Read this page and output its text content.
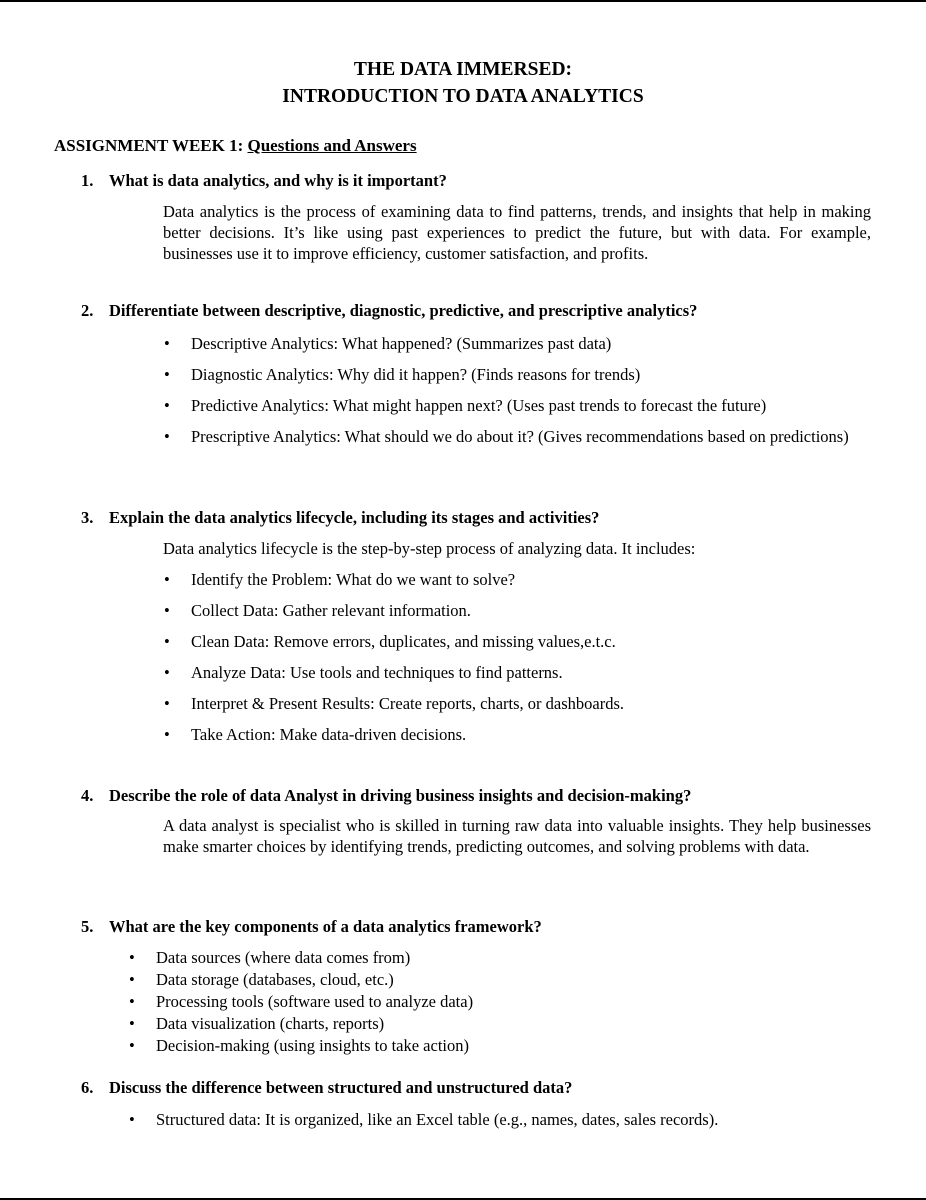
THE DATA IMMERSED:
INTRODUCTION TO DATA ANALYTICS
ASSIGNMENT WEEK 1: Questions and Answers
1. What is data analytics, and why is it important?
Data analytics is the process of examining data to find patterns, trends, and insights that help in making better decisions. It’s like using past experiences to predict the future, but with data. For example, businesses use it to improve efficiency, customer satisfaction, and profits.
2. Differentiate between descriptive, diagnostic, predictive, and prescriptive analytics?
• Descriptive Analytics: What happened? (Summarizes past data)
• Diagnostic Analytics: Why did it happen? (Finds reasons for trends)
• Predictive Analytics: What might happen next? (Uses past trends to forecast the future)
• Prescriptive Analytics: What should we do about it? (Gives recommendations based on predictions)
3. Explain the data analytics lifecycle, including its stages and activities?
Data analytics lifecycle is the step-by-step process of analyzing data. It includes:
• Identify the Problem: What do we want to solve?
• Collect Data: Gather relevant information.
• Clean Data: Remove errors, duplicates, and missing values,e.t.c.
• Analyze Data: Use tools and techniques to find patterns.
• Interpret & Present Results: Create reports, charts, or dashboards.
• Take Action: Make data-driven decisions.
4. Describe the role of data Analyst in driving business insights and decision-making?
A data analyst is specialist who is skilled in turning raw data into valuable insights. They help businesses make smarter choices by identifying trends, predicting outcomes, and solving problems with data.
5. What are the key components of a data analytics framework?
• Data sources (where data comes from)
• Data storage (databases, cloud, etc.)
• Processing tools (software used to analyze data)
• Data visualization (charts, reports)
• Decision-making (using insights to take action)
6. Discuss the difference between structured and unstructured data?
• Structured data: It is organized, like an Excel table (e.g., names, dates, sales records).
